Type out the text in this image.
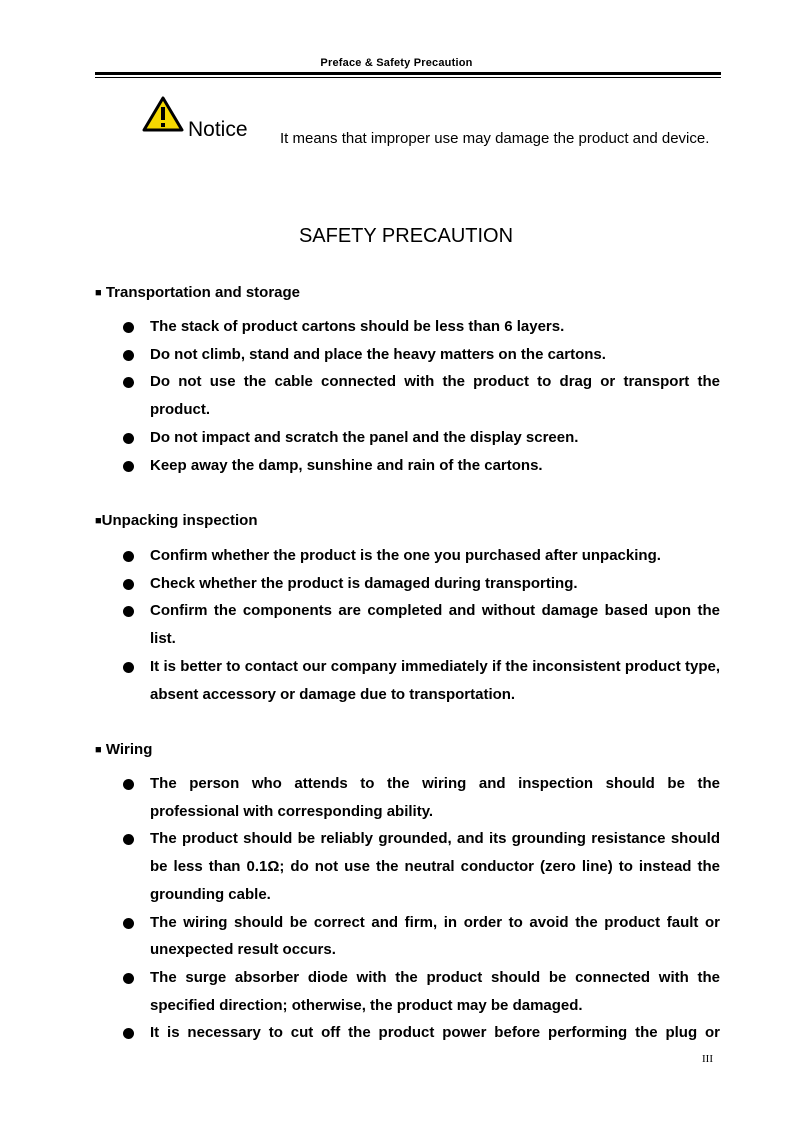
Preface & Safety Precaution
Notice It means that improper use may damage the product and device.
SAFETY PRECAUTION
■ Transportation and storage
The stack of product cartons should be less than 6 layers.
Do not climb, stand and place the heavy matters on the cartons.
Do not use the cable connected with the product to drag or transport the product.
Do not impact and scratch the panel and the display screen.
Keep away the damp, sunshine and rain of the cartons.
■Unpacking inspection
Confirm whether the product is the one you purchased after unpacking.
Check whether the product is damaged during transporting.
Confirm the components are completed and without damage based upon the list.
It is better to contact our company immediately if the inconsistent product type, absent accessory or damage due to transportation.
■ Wiring
The person who attends to the wiring and inspection should be the professional with corresponding ability.
The product should be reliably grounded, and its grounding resistance should be less than 0.1Ω; do not use the neutral conductor (zero line) to instead the grounding cable.
The wiring should be correct and firm, in order to avoid the product fault or unexpected result occurs.
The surge absorber diode with the product should be connected with the specified direction; otherwise, the product may be damaged.
It is necessary to cut off the product power before performing the plug or
III
